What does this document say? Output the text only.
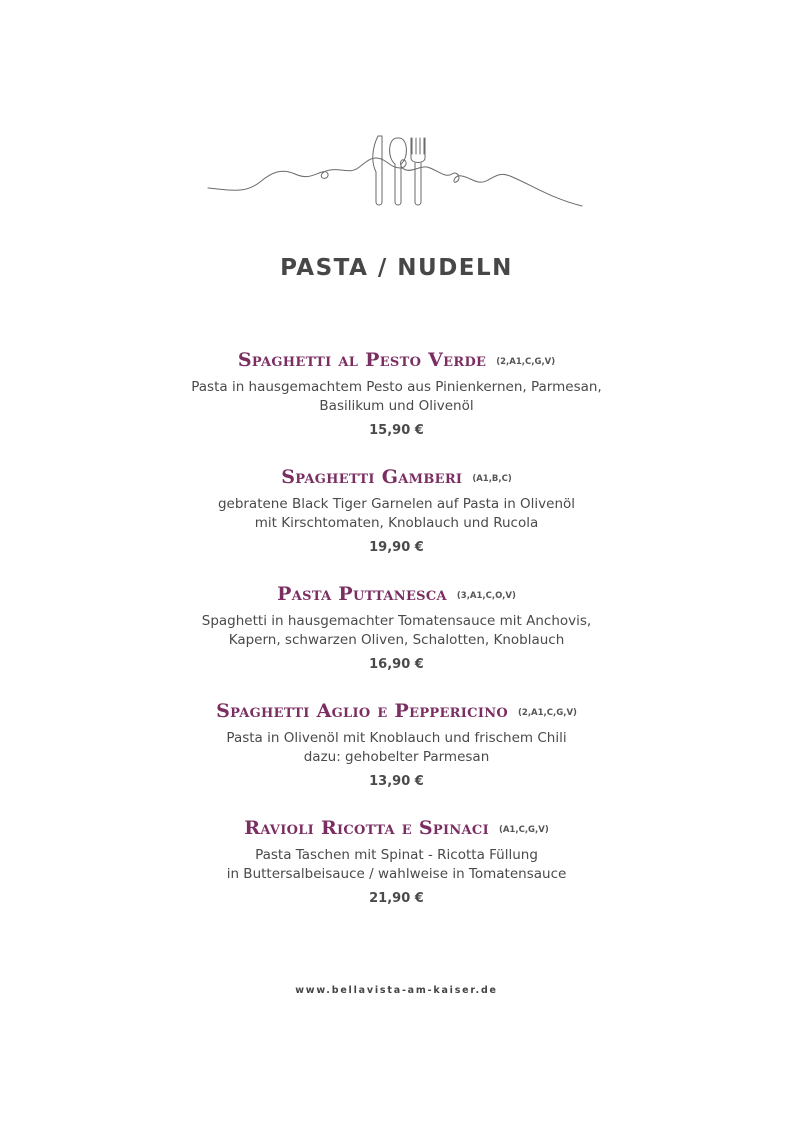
PASTA / NUDELN
Spaghetti al Pesto Verde (2,A1,C,G,V)
Pasta in hausgemachtem Pesto aus Pinienkernen, Parmesan,
Basilikum und Olivenöl
15,90 €
Spaghetti Gamberi (A1,B,C)
gebratene Black Tiger Garnelen auf Pasta in Olivenöl
mit Kirschtomaten, Knoblauch und Rucola
19,90 €
Pasta Puttanesca (3,A1,C,O,V)
Spaghetti in hausgemachter Tomatensauce mit Anchovis,
Kapern, schwarzen Oliven, Schalotten, Knoblauch
16,90 €
Spaghetti Aglio e Peppericino (2,A1,C,G,V)
Pasta in Olivenöl mit Knoblauch und frischem Chili
dazu: gehobelter Parmesan
13,90 €
Ravioli Ricotta e Spinaci (A1,C,G,V)
Pasta Taschen mit Spinat - Ricotta Füllung
in Buttersalbeisauce / wahlweise in Tomatensauce
21,90 €
www.bellavista-am-kaiser.de
